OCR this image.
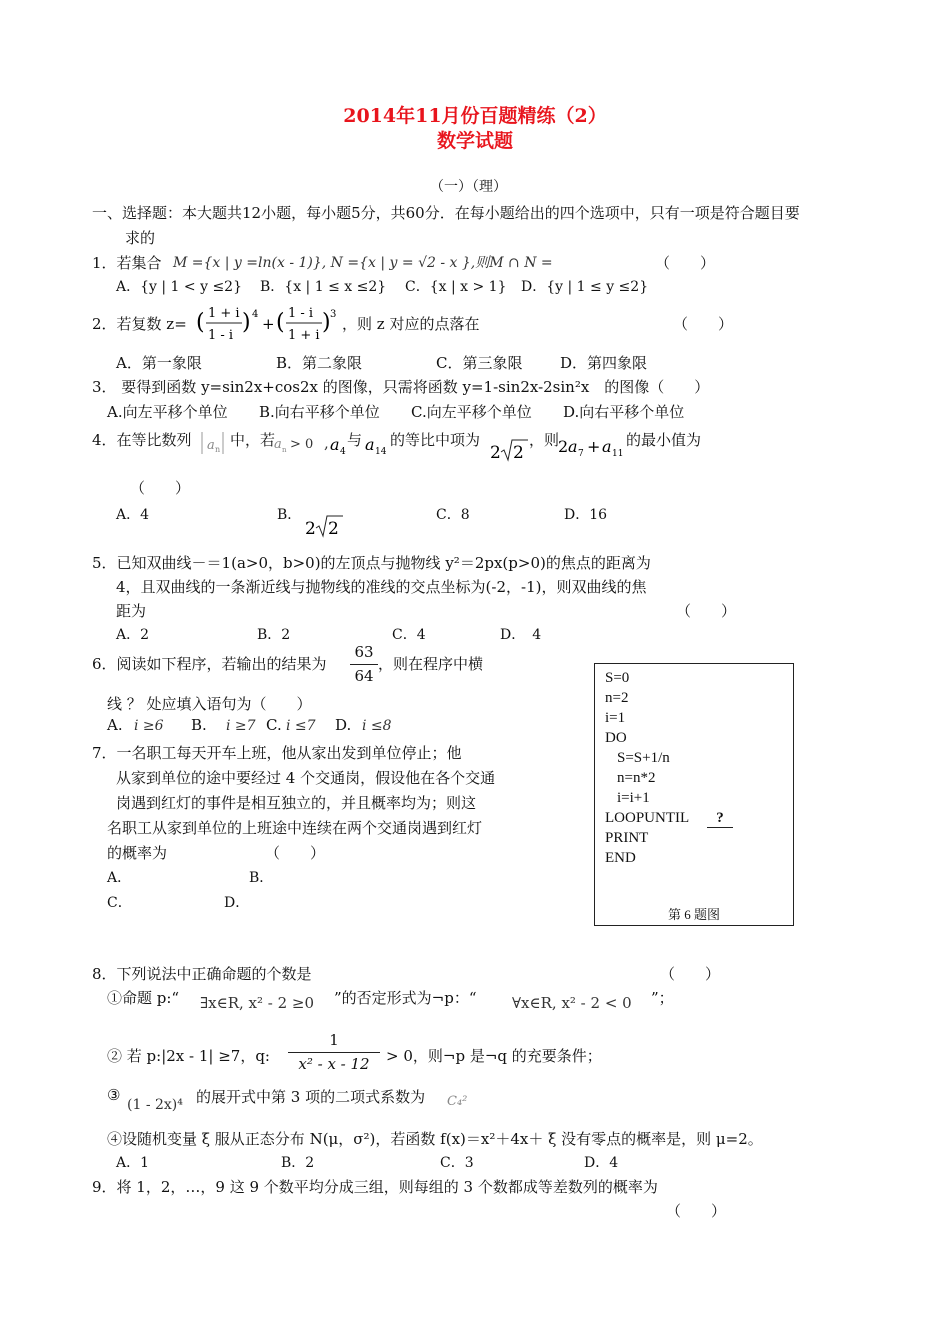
2014年11月份百题精练（2）
数学试题
（一）（理）
一、选择题：本大题共12小题，每小题5分，共60分．在每小题给出的四个选项中，只有一项是符合题目要
求的
1．若集合 M ={x | y =ln(x - 1)}, N ={x | y = √2 - x },则M ∩ N =	（　　）
A．{y | 1 < y ≤2} B．{x | 1 ≤ x ≤2} C．{x | x > 1} D．{y | 1 ≤ y ≤2}
2．若复数 z= ( 1 + i
1 - i
) 4
+ ( 1 - i
1 + i
) 3
，则 z 对应的点落在	（　　）
A．第一象限	B．第二象限	C．第三象限	D．第四象限
3． 要得到函数 y=sin2x+cos2x 的图像，只需将函数 y=1-sin2x-2sin²x　的图像（　　）
A.向左平移个单位 B.向右平移个单位 C.向左平移个单位 D.向右平移个单位
4．在等比数列 a n
中，若
a n > 0 , a 4
与 a 14
的等比中项为
2 2
，则
2 a 7 + a 11
的最小值为
（　　）
A．4	B．
2 2
C．8	D．16
5．已知双曲线－＝1(a>0，b>0)的左顶点与抛物线 y²＝2px(p>0)的焦点的距离为
4，且双曲线的一条渐近线与抛物线的准线的交点坐标为(-2，-1)，则双曲线的焦
距为	（　　）
A．2	B．2	C．4	D．　4
6．阅读如下程序，若输出的结果为
63
64
，则在程序中横
线 ？ 处应填入语句为（　　）
A. i ≥6 B. i ≥7 C. i ≤7 D. i ≤8
S=0
n=2
i=1
DO
S=S+1/n
n=n*2
i=i+1
LOOPUNTIL	?
PRINT
END
第 6 题图
7．一名职工每天开车上班，他从家出发到单位停止；他
从家到单位的途中要经过 4 个交通岗，假设他在各个交通
岗遇到红灯的事件是相互独立的，并且概率均为；则这
名职工从家到单位的上班途中连续在两个交通岗遇到红灯
的概率为	（　　）
A．	B．
C．	D．
8．下列说法中正确命题的个数是	（　　）
①命题 p:“ ∃x∈R, x² - 2 ≥0 ”的否定形式为¬p：“ ∀x∈R, x² - 2 < 0 ”；
② 若 p:|2x - 1| ≥7，q:
1
x² - x - 12	> 0，则¬p 是¬q 的充要条件；
③
(1 - 2x)⁴ 的展开式中第 3 项的二项式系数为 C₄²
④设随机变量 ξ 服从正态分布 N(μ，σ²)，若函数 f(x)＝x²＋4x＋ ξ 没有零点的概率是，则 μ=2。
A．1	B．2	C．3	D．4
9．将 1，2，…，9 这 9 个数平均分成三组，则每组的 3 个数都成等差数列的概率为
（　　）
